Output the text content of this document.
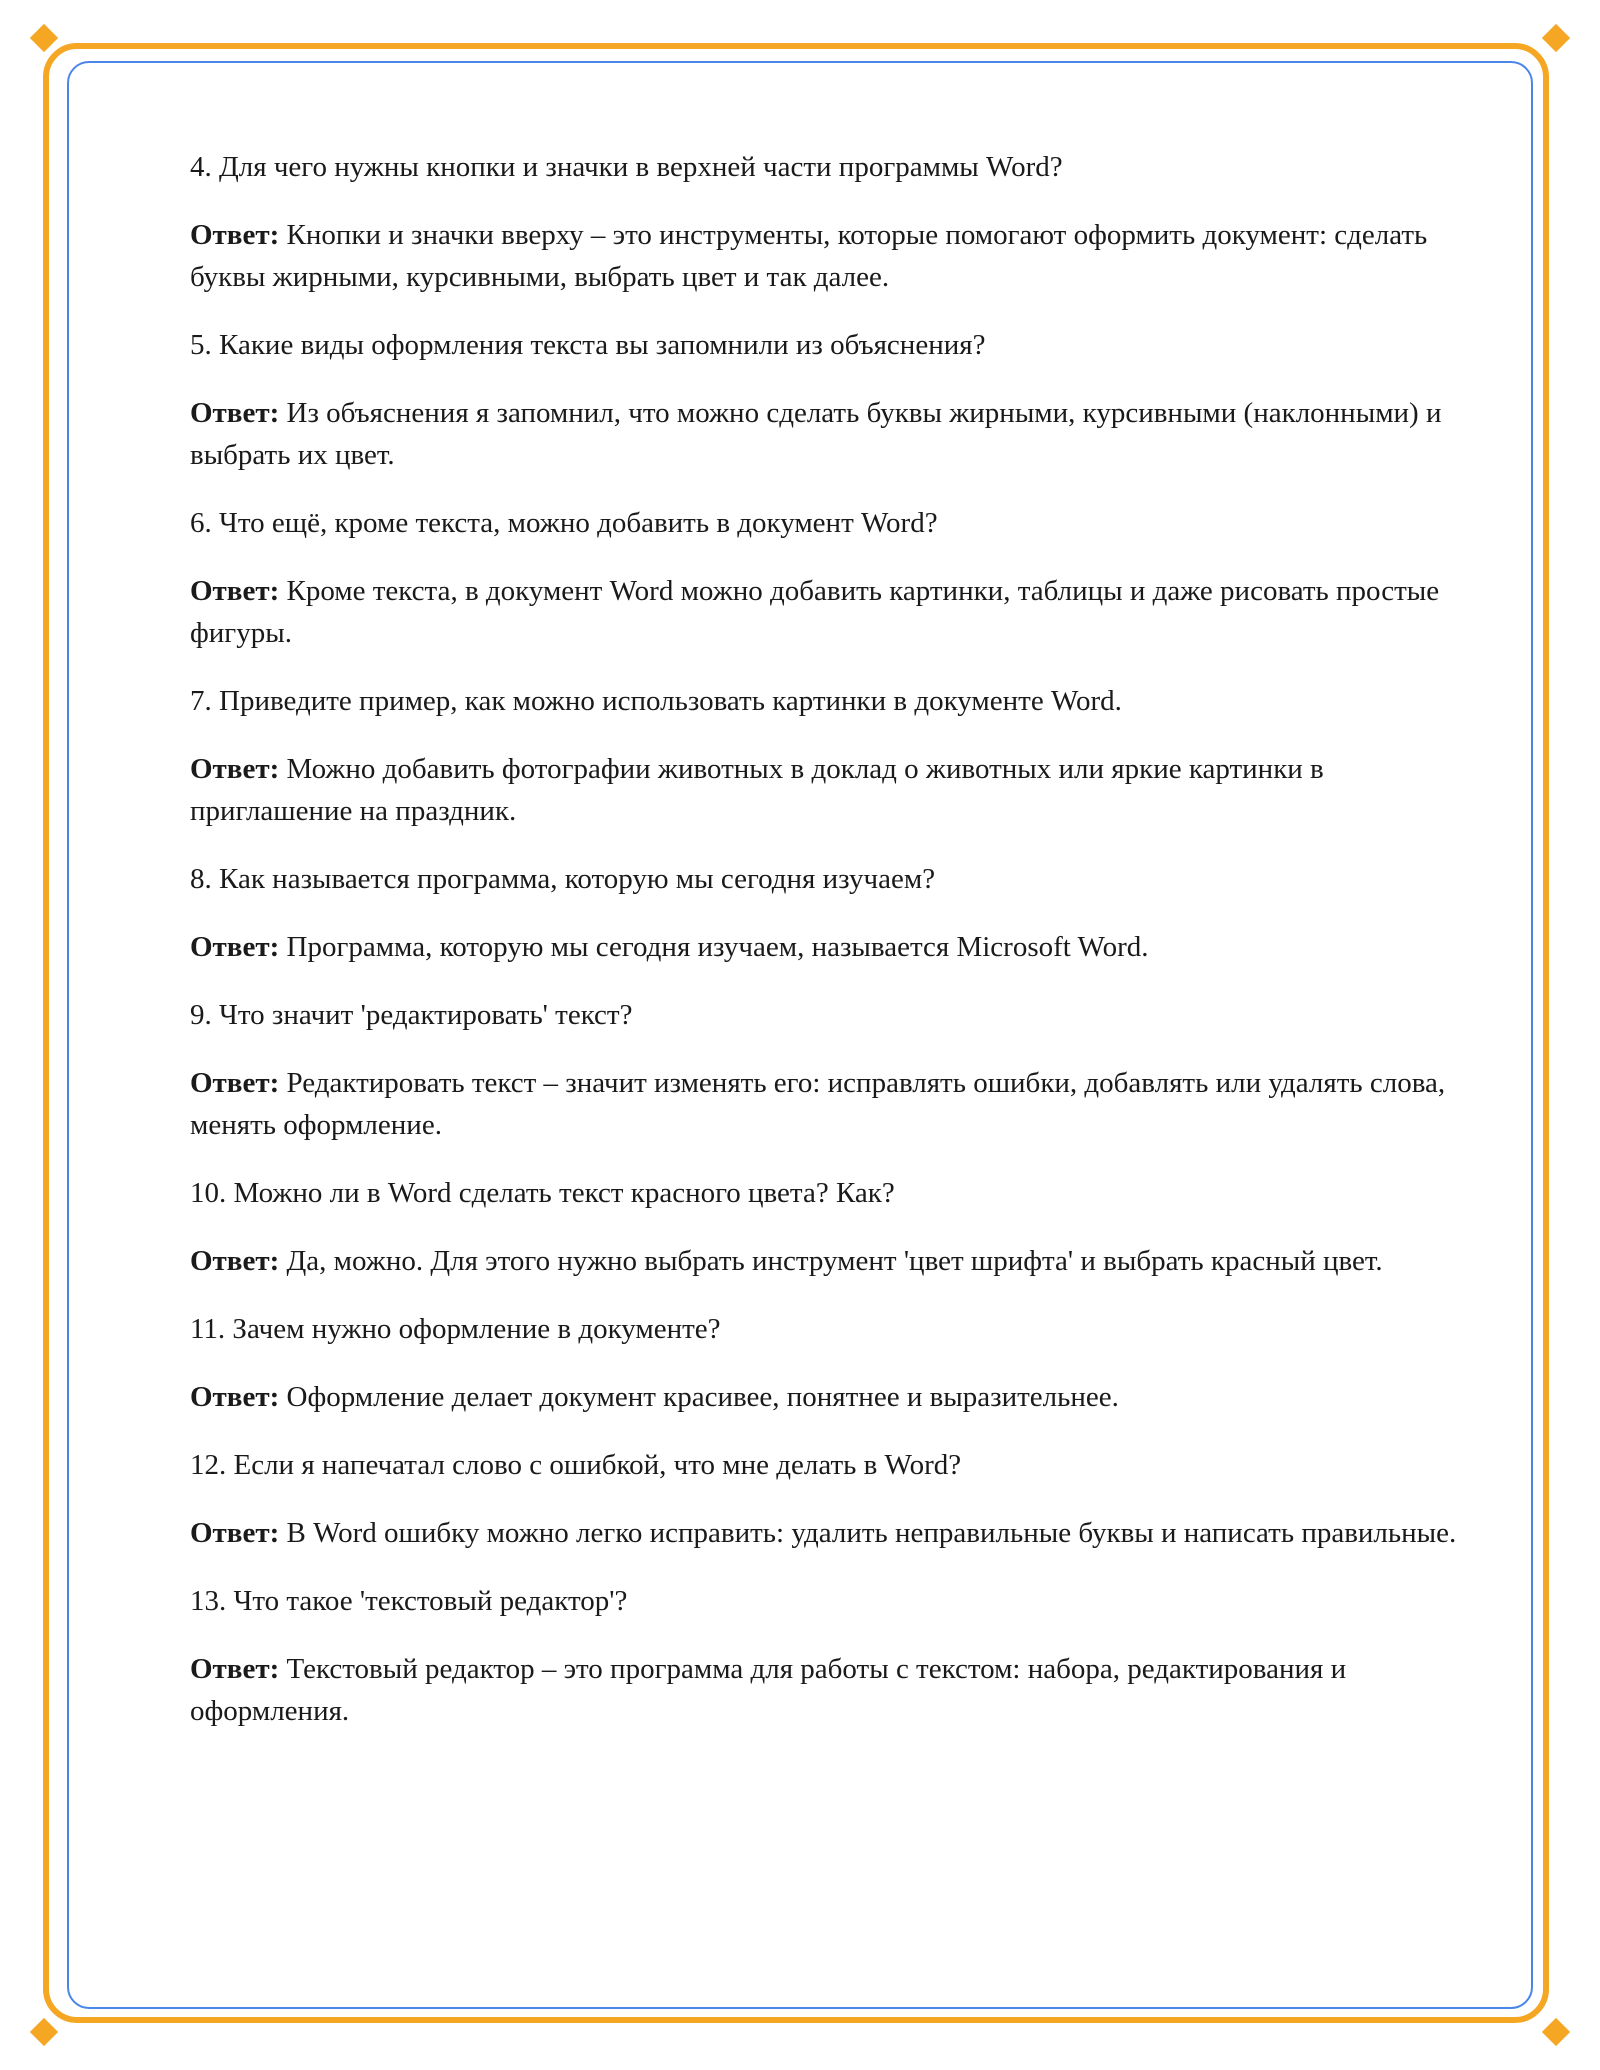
4. Для чего нужны кнопки и значки в верхней части программы Word?

Ответ: Кнопки и значки вверху – это инструменты, которые помогают оформить документ: сделать буквы жирными, курсивными, выбрать цвет и так далее.

5. Какие виды оформления текста вы запомнили из объяснения?

Ответ: Из объяснения я запомнил, что можно сделать буквы жирными, курсивными (наклонными) и выбрать их цвет.

6. Что ещё, кроме текста, можно добавить в документ Word?

Ответ: Кроме текста, в документ Word можно добавить картинки, таблицы и даже рисовать простые фигуры.

7. Приведите пример, как можно использовать картинки в документе Word.

Ответ: Можно добавить фотографии животных в доклад о животных или яркие картинки в приглашение на праздник.

8. Как называется программа, которую мы сегодня изучаем?

Ответ: Программа, которую мы сегодня изучаем, называется Microsoft Word.

9. Что значит 'редактировать' текст?

Ответ: Редактировать текст – значит изменять его: исправлять ошибки, добавлять или удалять слова, менять оформление.

10. Можно ли в Word сделать текст красного цвета? Как?

Ответ: Да, можно. Для этого нужно выбрать инструмент 'цвет шрифта' и выбрать красный цвет.

11. Зачем нужно оформление в документе?

Ответ: Оформление делает документ красивее, понятнее и выразительнее.

12. Если я напечатал слово с ошибкой, что мне делать в Word?

Ответ: В Word ошибку можно легко исправить: удалить неправильные буквы и написать правильные.

13. Что такое 'текстовый редактор'?

Ответ: Текстовый редактор – это программа для работы с текстом: набора, редактирования и оформления.
